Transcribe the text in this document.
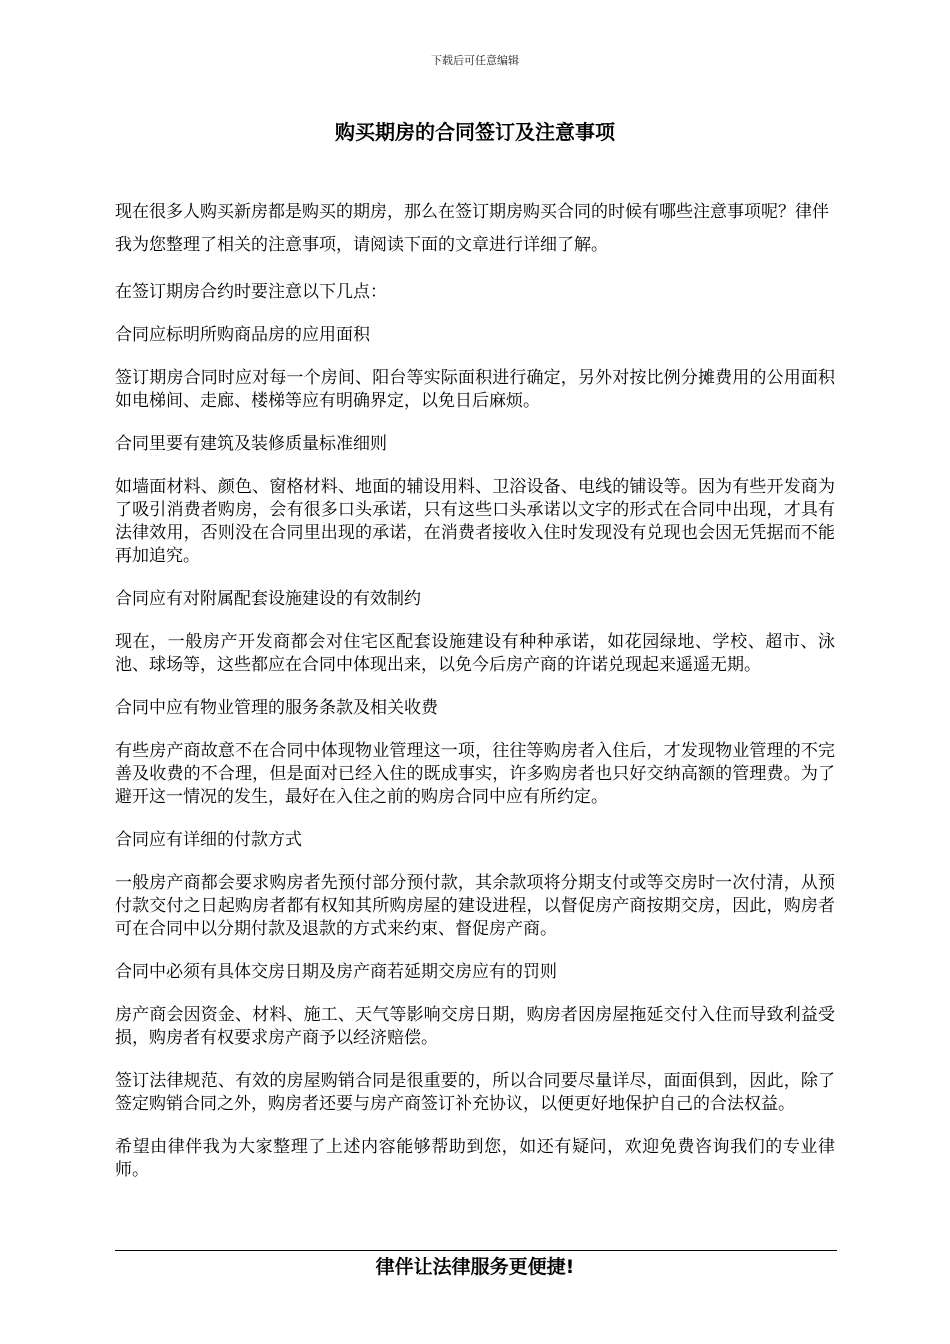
下载后可任意编辑
购买期房的合同签订及注意事项

现在很多人购买新房都是购买的期房，那么在签订期房购买合同的时候有哪些注意事项呢？律伴我为您整理了相关的注意事项，请阅读下面的文章进行详细了解。

在签订期房合约时要注意以下几点：

合同应标明所购商品房的应用面积

签订期房合同时应对每一个房间、阳台等实际面积进行确定，另外对按比例分摊费用的公用面积如电梯间、走廊、楼梯等应有明确界定，以免日后麻烦。

合同里要有建筑及装修质量标准细则

如墙面材料、颜色、窗格材料、地面的辅设用料、卫浴设备、电线的铺设等。因为有些开发商为了吸引消费者购房，会有很多口头承诺，只有这些口头承诺以文字的形式在合同中出现，才具有法律效用，否则没在合同里出现的承诺，在消费者接收入住时发现没有兑现也会因无凭据而不能再加追究。

合同应有对附属配套设施建设的有效制约

现在，一般房产开发商都会对住宅区配套设施建设有种种承诺，如花园绿地、学校、超市、泳池、球场等，这些都应在合同中体现出来，以免今后房产商的许诺兑现起来遥遥无期。

合同中应有物业管理的服务条款及相关收费

有些房产商故意不在合同中体现物业管理这一项，往往等购房者入住后，才发现物业管理的不完善及收费的不合理，但是面对已经入住的既成事实，许多购房者也只好交纳高额的管理费。为了避开这一情况的发生，最好在入住之前的购房合同中应有所约定。

合同应有详细的付款方式

一般房产商都会要求购房者先预付部分预付款，其余款项将分期支付或等交房时一次付清，从预付款交付之日起购房者都有权知其所购房屋的建设进程，以督促房产商按期交房，因此，购房者可在合同中以分期付款及退款的方式来约束、督促房产商。

合同中必须有具体交房日期及房产商若延期交房应有的罚则

房产商会因资金、材料、施工、天气等影响交房日期，购房者因房屋拖延交付入住而导致利益受损，购房者有权要求房产商予以经济赔偿。

签订法律规范、有效的房屋购销合同是很重要的，所以合同要尽量详尽，面面俱到，因此，除了签定购销合同之外，购房者还要与房产商签订补充协议，以便更好地保护自己的合法权益。

希望由律伴我为大家整理了上述内容能够帮助到您，如还有疑问，欢迎免费咨询我们的专业律师。

律伴让法律服务更便捷!
